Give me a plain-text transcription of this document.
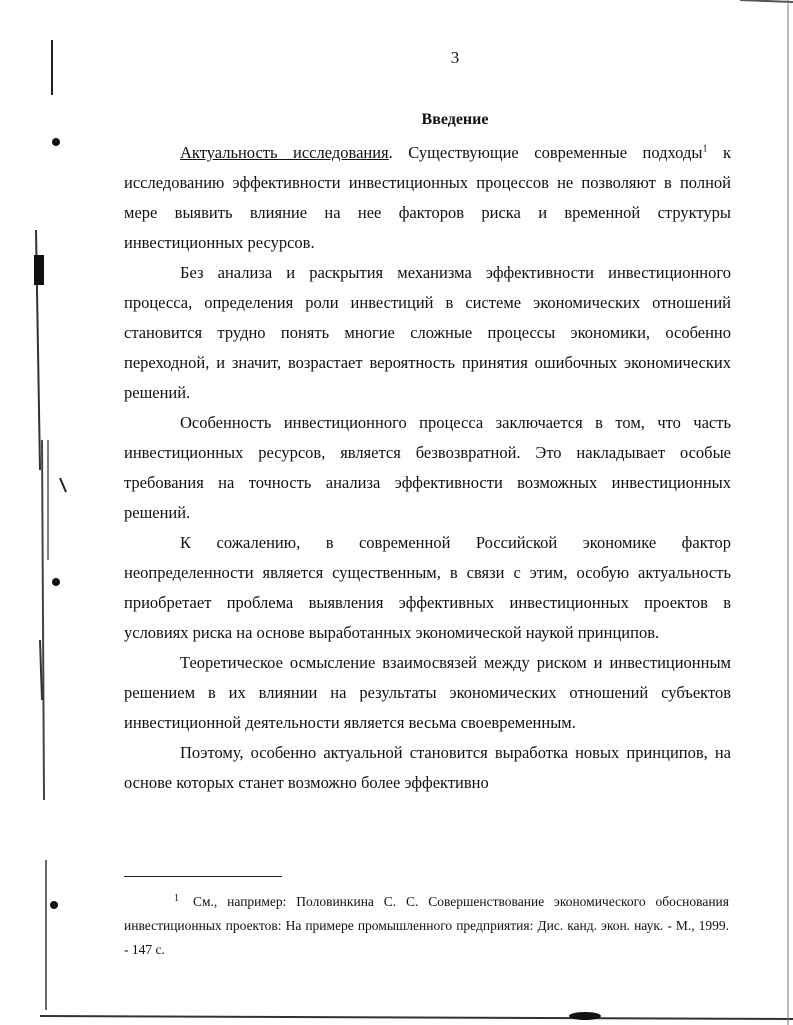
3
Введение

Актуальность исследования. Существующие современные подходы$^1$ к исследованию эффективности инвестиционных процессов не позволяют в полной мере выявить влияние на нее факторов риска и временной структуры инвестиционных ресурсов.

Без анализа и раскрытия механизма эффективности инвестиционного процесса, определения роли инвестиций в системе экономических отношений становится трудно понять многие сложные процессы экономики, особенно переходной, и значит, возрастает вероятность принятия ошибочных экономических решений.

Особенность инвестиционного процесса заключается в том, что часть инвестиционных ресурсов, является безвозвратной. Это накладывает особые требования на точность анализа эффективности возможных инвестиционных решений.

К сожалению, в современной Российской экономике фактор неопределенности является существенным, в связи с этим, особую актуальность приобретает проблема выявления эффективных инвестиционных проектов в условиях риска на основе выработанных экономической наукой принципов.

Теоретическое осмысление взаимосвязей между риском и инвестиционным решением в их влиянии на результаты экономических отношений субъектов инвестиционной деятельности является весьма своевременным.

Поэтому, особенно актуальной становится выработка новых принципов, на основе которых станет возможно более эффективно

$^1$ См., например: Половинкина С. С. Совершенствование экономического обоснования инвестиционных проектов: На примере промышленного предприятия: Дис. канд. экон. наук. - М., 1999. - 147 с.
